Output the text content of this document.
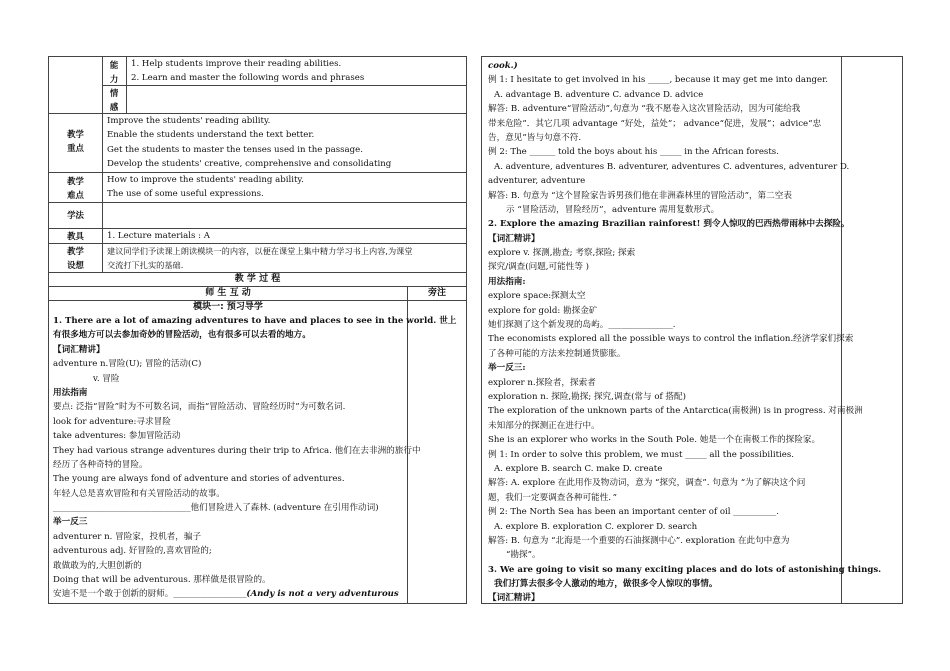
能
力
1. Help students improve their reading abilities.
2. Learn and master the following words and phrases
情
感
教学
重点
Improve the students' reading ability.
Enable the students understand the text better.
Get the students to master the tenses used in the passage.
Develop the students' creative, comprehensive and consolidating
教学
难点
How to improve the students' reading ability.
The use of some useful expressions.
学法
教具	1. Lecture materials : A
教学
设想
建议同学们予读课上朗读模块一的内容，以便在课堂上集中精力学习书上内容,为课堂
交流打下扎实的基础.
教 学 过 程
师 生 互 动	旁注
模块一: 预习导学
1. There are a lot of amazing adventures to have and places to see in the world. 世上
有很多地方可以去参加奇妙的冒险活动，也有很多可以去看的地方。
【词汇精讲】
adventure n.冒险(U); 冒险的活动(C)
v. 冒险
用法指南
要点: 泛指“冒险”时为不可数名词，而指“冒险活动、冒险经历时”为可数名词.
look for adventure:寻求冒险
take adventures: 参加冒险活动
They had various strange adventures during their trip to Africa. 他们在去非洲的旅行中
经历了各种奇特的冒险。
The young are always fond of adventure and stories of adventures.
年轻人总是喜欢冒险和有关冒险活动的故事。
________________________________他们冒险进入了森林. (adventure 在引用作动词)
举一反三
adventurer n. 冒险家，投机者，骗子
adventurous adj. 好冒险的,喜欢冒险的;
敢做敢为的,大胆创新的
Doing that will be adventurous. 那样做是很冒险的。
安迪不是一个敢于创新的厨师。_________________(Andy is not a very adventurous
cook.)
例 1: I hesitate to get involved in his _____, because it may get me into danger.
A. advantage B. adventure C. advance D. advice
解答: B. adventure“冒险活动”,句意为 “我不愿卷入这次冒险活动，因为可能给我
带来危险”．其它几项 advantage “好处，益处”； advance“促进，发展”；advice“忠
告，意见”皆与句意不符.
例 2: The ______ told the boys about his _____ in the African forests.
A. adventure, adventures B. adventurer, adventures C. adventures, adventurer D.
adventurer, adventure
解答: B. 句意为 “这个冒险家告诉男孩们他在非洲森林里的冒险活动”，第二空表
示 “冒险活动，冒险经历”，adventure 需用复数形式。
2. Explore the amazing Brazilian rainforest! 到令人惊叹的巴西热带雨林中去探险。
【词汇精讲】
explore v. 探测,勘查; 考察,探险; 探索
探究/调查(问题,可能性等 )
用法指南:
explore space:探测太空
explore for gold: 勘探金矿
她们探测了这个新发现的岛屿。_______________.
The economists explored all the possible ways to control the inflation.经济学家们探索
了各种可能的方法来控制通货膨胀。
举一反三:
explorer n.探险者，探索者
exploration n. 探险,勘探; 探究,调查(常与 of 搭配)
The exploration of the unknown parts of the Antarctica(南极洲) is in progress. 对南极洲
未知部分的探测正在进行中。
She is an explorer who works in the South Pole. 她是一个在南极工作的探险家。
例 1: In order to solve this problem, we must _____ all the possibilities.
A. explore B. search C. make D. create
解答: A. explore 在此用作及物动词，意为 “探究，调查”. 句意为 “为了解决这个问
题，我们一定要调查各种可能性．”
例 2: The North Sea has been an important center of oil __________.
A. explore B. exploration C. explorer D. search
解答: B. 句意为 “北海是一个重要的石油探测中心”. exploration 在此句中意为
“勘探”。
3. We are going to visit so many exciting places and do lots of astonishing things.
我们打算去很多令人激动的地方，做很多令人惊叹的事情。
【词汇精讲】
